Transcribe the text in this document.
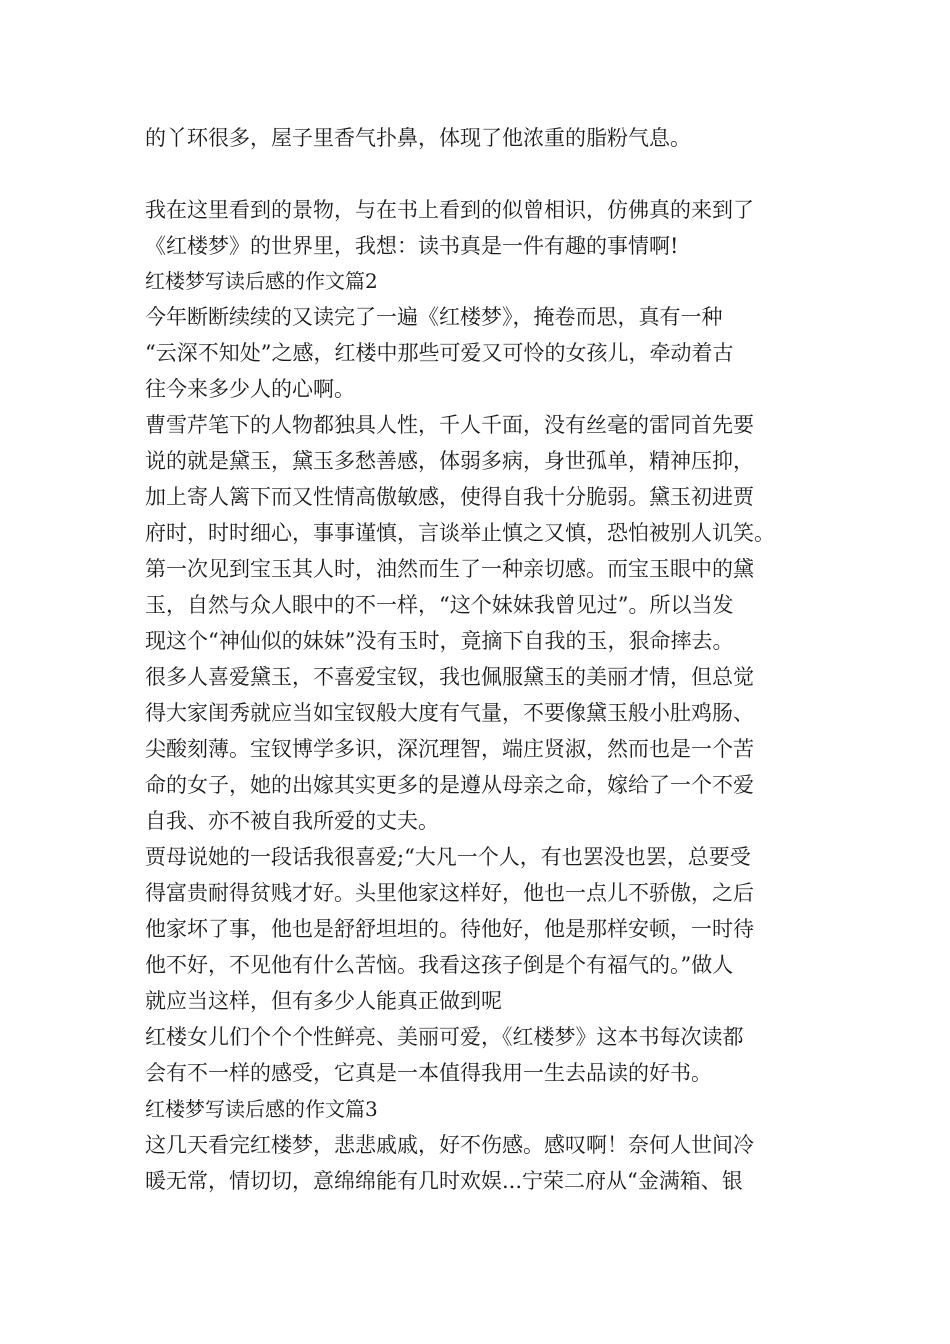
的丫环很多，屋子里香气扑鼻，体现了他浓重的脂粉气息。
我在这里看到的景物，与在书上看到的似曾相识，仿佛真的来到了
《红楼梦》的世界里，我想：读书真是一件有趣的事情啊!
红楼梦写读后感的作文篇2
今年断断续续的又读完了一遍《红楼梦》，掩卷而思，真有一种
“云深不知处”之感，红楼中那些可爱又可怜的女孩儿，牵动着古
往今来多少人的心啊。
曹雪芹笔下的人物都独具人性，千人千面，没有丝毫的雷同首先要
说的就是黛玉，黛玉多愁善感，体弱多病，身世孤单，精神压抑，
加上寄人篱下而又性情高傲敏感，使得自我十分脆弱。黛玉初进贾
府时，时时细心，事事谨慎，言谈举止慎之又慎，恐怕被别人讥笑。
第一次见到宝玉其人时，油然而生了一种亲切感。而宝玉眼中的黛
玉，自然与众人眼中的不一样，“这个妹妹我曾见过”。所以当发
现这个“神仙似的妹妹”没有玉时，竟摘下自我的玉，狠命摔去。
很多人喜爱黛玉，不喜爱宝钗，我也佩服黛玉的美丽才情，但总觉
得大家闺秀就应当如宝钗般大度有气量，不要像黛玉般小肚鸡肠、
尖酸刻薄。宝钗博学多识，深沉理智，端庄贤淑，然而也是一个苦
命的女子，她的出嫁其实更多的是遵从母亲之命，嫁给了一个不爱
自我、亦不被自我所爱的丈夫。
贾母说她的一段话我很喜爱;“大凡一个人，有也罢没也罢，总要受
得富贵耐得贫贱才好。头里他家这样好，他也一点儿不骄傲，之后
他家坏了事，他也是舒舒坦坦的。待他好，他是那样安顿，一时待
他不好，不见他有什么苦恼。我看这孩子倒是个有福气的。”做人
就应当这样，但有多少人能真正做到呢
红楼女儿们个个个性鲜亮、美丽可爱，《红楼梦》这本书每次读都
会有不一样的感受，它真是一本值得我用一生去品读的好书。
红楼梦写读后感的作文篇3
这几天看完红楼梦，悲悲戚戚，好不伤感。感叹啊！奈何人世间冷
暖无常，情切切，意绵绵能有几时欢娱...宁荣二府从“金满箱、银
